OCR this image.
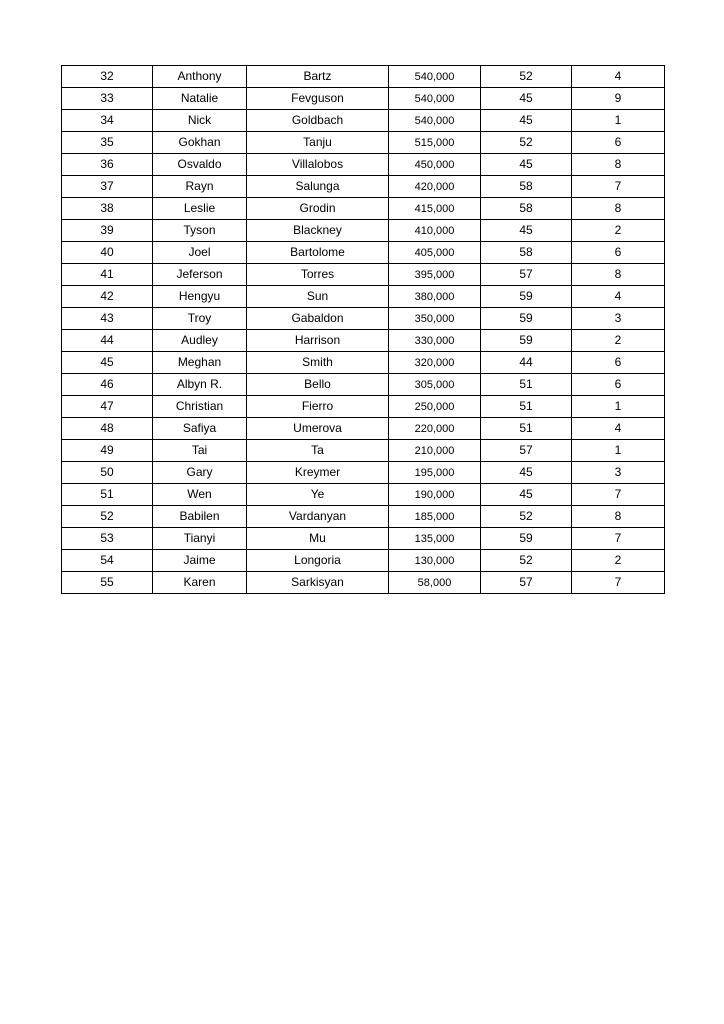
32	Anthony	Bartz	540,000	52	4
33	Natalie	Fevguson	540,000	45	9
34	Nick	Goldbach	540,000	45	1
35	Gokhan	Tanju	515,000	52	6
36	Osvaldo	Villalobos	450,000	45	8
37	Rayn	Salunga	420,000	58	7
38	Leslie	Grodin	415,000	58	8
39	Tyson	Blackney	410,000	45	2
40	Joel	Bartolome	405,000	58	6
41	Jeferson	Torres	395,000	57	8
42	Hengyu	Sun	380,000	59	4
43	Troy	Gabaldon	350,000	59	3
44	Audley	Harrison	330,000	59	2
45	Meghan	Smith	320,000	44	6
46	Albyn R.	Bello	305,000	51	6
47	Christian	Fierro	250,000	51	1
48	Safiya	Umerova	220,000	51	4
49	Tai	Ta	210,000	57	1
50	Gary	Kreymer	195,000	45	3
51	Wen	Ye	190,000	45	7
52	Babilen	Vardanyan	185,000	52	8
53	Tianyi	Mu	135,000	59	7
54	Jaime	Longoria	130,000	52	2
55	Karen	Sarkisyan	58,000	57	7
